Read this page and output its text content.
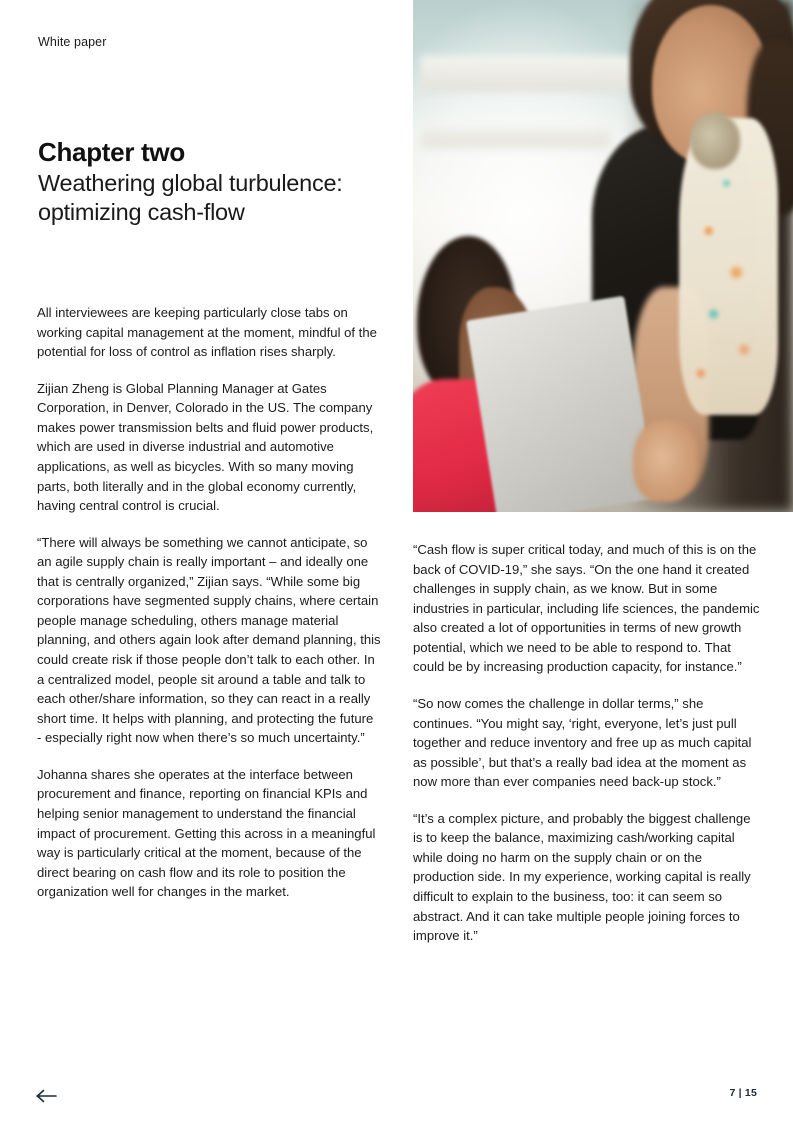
White paper
Chapter two
Weathering global turbulence: optimizing cash-flow

All interviewees are keeping particularly close tabs on working capital management at the moment, mindful of the potential for loss of control as inflation rises sharply.

Zijian Zheng is Global Planning Manager at Gates Corporation, in Denver, Colorado in the US. The company makes power transmission belts and fluid power products, which are used in diverse industrial and automotive applications, as well as bicycles. With so many moving parts, both literally and in the global economy currently, having central control is crucial.

“There will always be something we cannot anticipate, so an agile supply chain is really important – and ideally one that is centrally organized,” Zijian says. “While some big corporations have segmented supply chains, where certain people manage scheduling, others manage material planning, and others again look after demand planning, this could create risk if those people don’t talk to each other. In a centralized model, people sit around a table and talk to each other/share information, so they can react in a really short time. It helps with planning, and protecting the future - especially right now when there’s so much uncertainty.”

Johanna shares she operates at the interface between procurement and finance, reporting on financial KPIs and helping senior management to understand the financial impact of procurement. Getting this across in a meaningful way is particularly critical at the moment, because of the direct bearing on cash flow and its role to position the organization well for changes in the market.

“Cash flow is super critical today, and much of this is on the back of COVID-19,” she says. “On the one hand it created challenges in supply chain, as we know. But in some industries in particular, including life sciences, the pandemic also created a lot of opportunities in terms of new growth potential, which we need to be able to respond to. That could be by increasing production capacity, for instance.”

“So now comes the challenge in dollar terms,” she continues. “You might say, ‘right, everyone, let’s just pull together and reduce inventory and free up as much capital as possible’, but that’s a really bad idea at the moment as now more than ever companies need back-up stock.”

“It’s a complex picture, and probably the biggest challenge is to keep the balance, maximizing cash/working capital while doing no harm on the supply chain or on the production side. In my experience, working capital is really difficult to explain to the business, too: it can seem so abstract. And it can take multiple people joining forces to improve it.”

7 | 15
